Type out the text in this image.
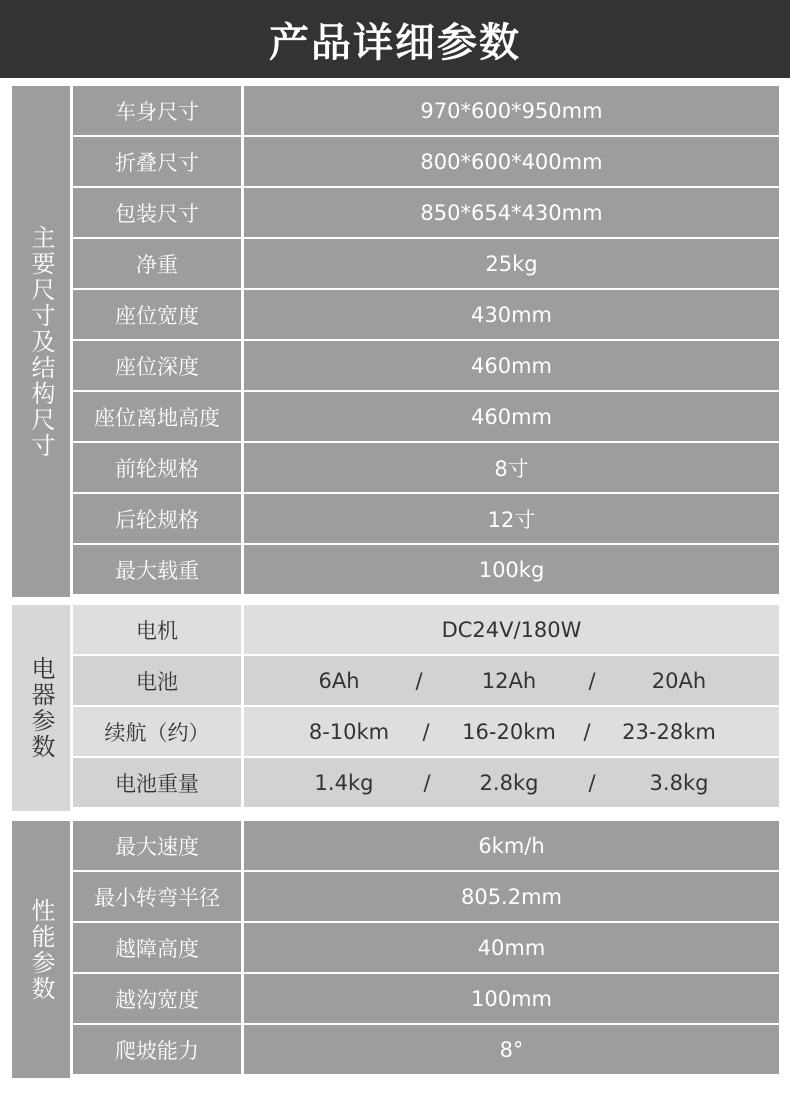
产品详细参数
主要尺寸及结构尺寸
车身尺寸	970*600*950mm
折叠尺寸	800*600*400mm
包装尺寸	850*654*430mm
净重	25kg
座位宽度	430mm
座位深度	460mm
座位离地高度	460mm
前轮规格	8寸
后轮规格	12寸
最大载重	100kg
电器参数
电机	DC24V/180W
电池	6Ah	/	12Ah	/	20Ah
续航（约）	8-10km	/	16-20km	/	23-28km
电池重量	1.4kg	/	2.8kg	/	3.8kg
性能参数
最大速度	6km/h
最小转弯半径	805.2mm
越障高度	40mm
越沟宽度	100mm
爬坡能力	8°
